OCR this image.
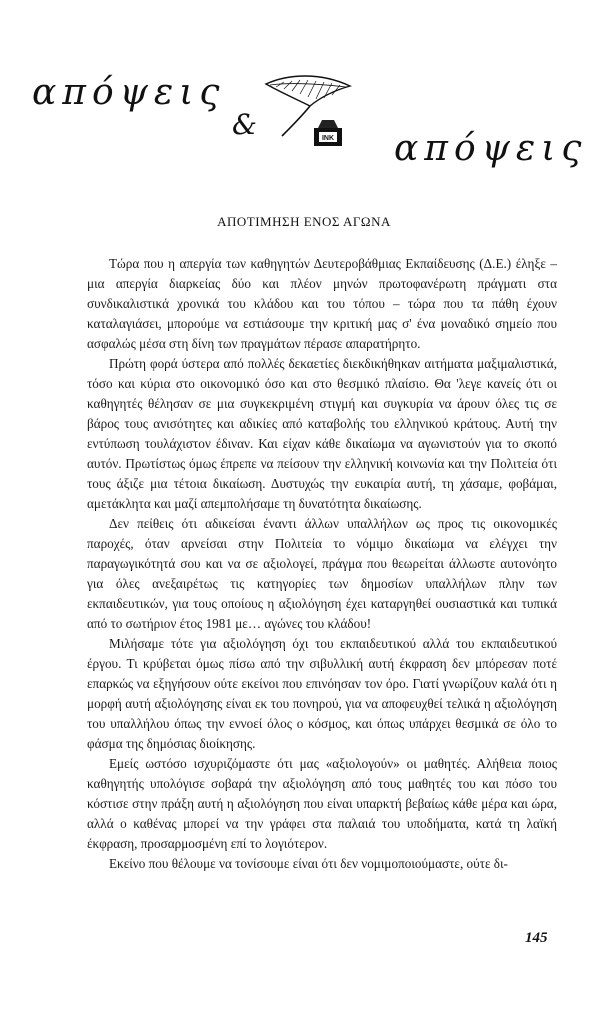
απόψεις
INK
&
απόψεις
ΑΠΟΤΙΜΗΣΗ ΕΝΟΣ ΑΓΩΝΑ

Τώρα που η απεργία των καθηγητών Δευτεροβάθμιας Εκπαίδευσης (Δ.Ε.) έληξε – μια απεργία διαρκείας δύο και πλέον μηνών πρωτοφανέρωτη πράγματι στα συνδικαλιστικά χρονικά του κλάδου και του τόπου – τώρα που τα πάθη έχουν καταλαγιάσει, μπορούμε να εστιάσουμε την κριτική μας σ' ένα μοναδικό σημείο που ασφαλώς μέσα στη δίνη των πραγμάτων πέρασε απαρατήρητο.

Πρώτη φορά ύστερα από πολλές δεκαετίες διεκδικήθηκαν αιτήματα μαξιμαλιστικά, τόσο και κύρια στο οικονομικό όσο και στο θεσμικό πλαίσιο. Θα 'λεγε κανείς ότι οι καθηγητές θέλησαν σε μια συγκεκριμένη στιγμή και συγκυρία να άρουν όλες τις σε βάρος τους ανισότητες και αδικίες από καταβολής του ελληνικού κράτους. Αυτή την εντύπωση τουλάχιστον έδιναν. Και είχαν κάθε δικαίωμα να αγωνιστούν για το σκοπό αυτόν. Πρωτίστως όμως έπρεπε να πείσουν την ελληνική κοινωνία και την Πολιτεία ότι τους άξιζε μια τέτοια δικαίωση. Δυστυχώς την ευκαιρία αυτή, τη χάσαμε, φοβάμαι, αμετάκλητα και μαζί απεμπολήσαμε τη δυνατότητα δικαίωσης.

Δεν πείθεις ότι αδικείσαι έναντι άλλων υπαλλήλων ως προς τις οικονομικές παροχές, όταν αρνείσαι στην Πολιτεία το νόμιμο δικαίωμα να ελέγχει την παραγωγικότητά σου και να σε αξιολογεί, πράγμα που θεωρείται άλλωστε αυτονόητο για όλες ανεξαιρέτως τις κατηγορίες των δημοσίων υπαλλήλων πλην των εκπαιδευτικών, για τους οποίους η αξιολόγηση έχει καταργηθεί ουσιαστικά και τυπικά από το σωτήριον έτος 1981 με… αγώνες του κλάδου!

Μιλήσαμε τότε για αξιολόγηση όχι του εκπαιδευτικού αλλά του εκπαιδευτικού έργου. Τι κρύβεται όμως πίσω από την σιβυλλική αυτή έκφραση δεν μπόρεσαν ποτέ επαρκώς να εξηγήσουν ούτε εκείνοι που επινόησαν τον όρο. Γιατί γνωρίζουν καλά ότι η μορφή αυτή αξιολόγησης είναι εκ του πονηρού, για να αποφευχθεί τελικά η αξιολόγηση του υπαλλήλου όπως την εννοεί όλος ο κόσμος, και όπως υπάρχει θεσμικά σε όλο το φάσμα της δημόσιας διοίκησης.

Εμείς ωστόσο ισχυριζόμαστε ότι μας «αξιολογούν» οι μαθητές. Αλήθεια ποιος καθηγητής υπολόγισε σοβαρά την αξιολόγηση από τους μαθητές του και πόσο του κόστισε στην πράξη αυτή η αξιολόγηση που είναι υπαρκτή βεβαίως κάθε μέρα και ώρα, αλλά ο καθένας μπορεί να την γράφει στα παλαιά του υποδήματα, κατά τη λαϊκή έκφραση, προσαρμοσμένη επί το λογιότερον.

Εκείνο που θέλουμε να τονίσουμε είναι ότι δεν νομιμοποιούμαστε, ούτε δι-

145
